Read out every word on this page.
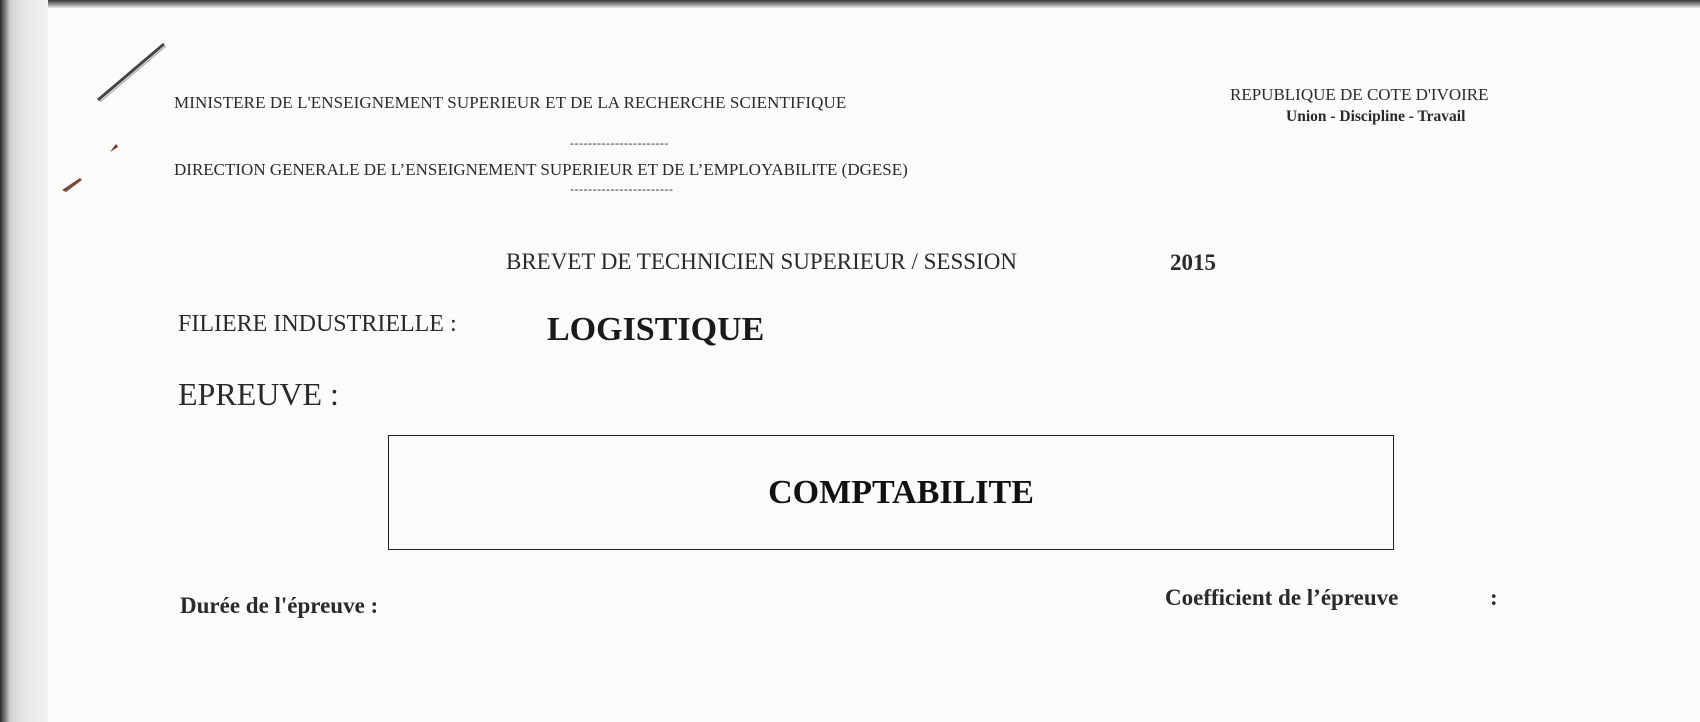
MINISTERE DE L'ENSEIGNEMENT SUPERIEUR ET DE LA RECHERCHE SCIENTIFIQUE	REPUBLIQUE DE COTE D'IVOIRE
Union - Discipline - Travail
----------------------
DIRECTION GENERALE DE L’ENSEIGNEMENT SUPERIEUR ET DE L’EMPLOYABILITE (DGESE)
-----------------------
BREVET DE TECHNICIEN SUPERIEUR / SESSION	2015
FILIERE INDUSTRIELLE :	LOGISTIQUE
EPREUVE :
COMPTABILITE
Durée de l'épreuve :	Coefficient de l’épreuve	:
